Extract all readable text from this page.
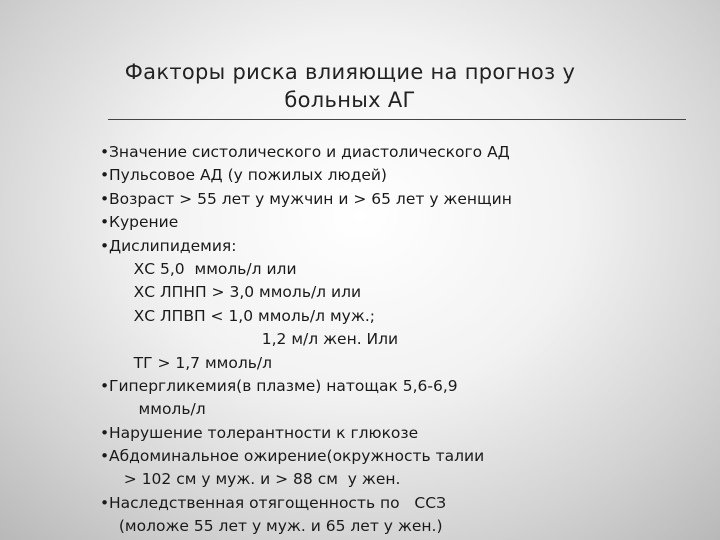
Факторы риска влияющие на прогноз у
больных АГ
•Значение систолического и диастолического АД
•Пульсовое АД (у пожилых людей)
•Возраст > 55 лет у мужчин и > 65 лет у женщин
•Курение
•Дислипидемия:
ХС 5,0  ммоль/л или
ХС ЛПНП > 3,0 ммоль/л или
ХС ЛПВП < 1,0 ммоль/л муж.;
1,2 м/л жен. Или
ТГ > 1,7 ммоль/л
•Гипергликемия(в плазме) натощак 5,6-6,9
ммоль/л
•Нарушение толерантности к глюкозе
•Абдоминальное ожирение(окружность талии
> 102 см у муж. и > 88 см  у жен.
•Наследственная отягощенность по   ССЗ
(моложе 55 лет у муж. и 65 лет у жен.)
